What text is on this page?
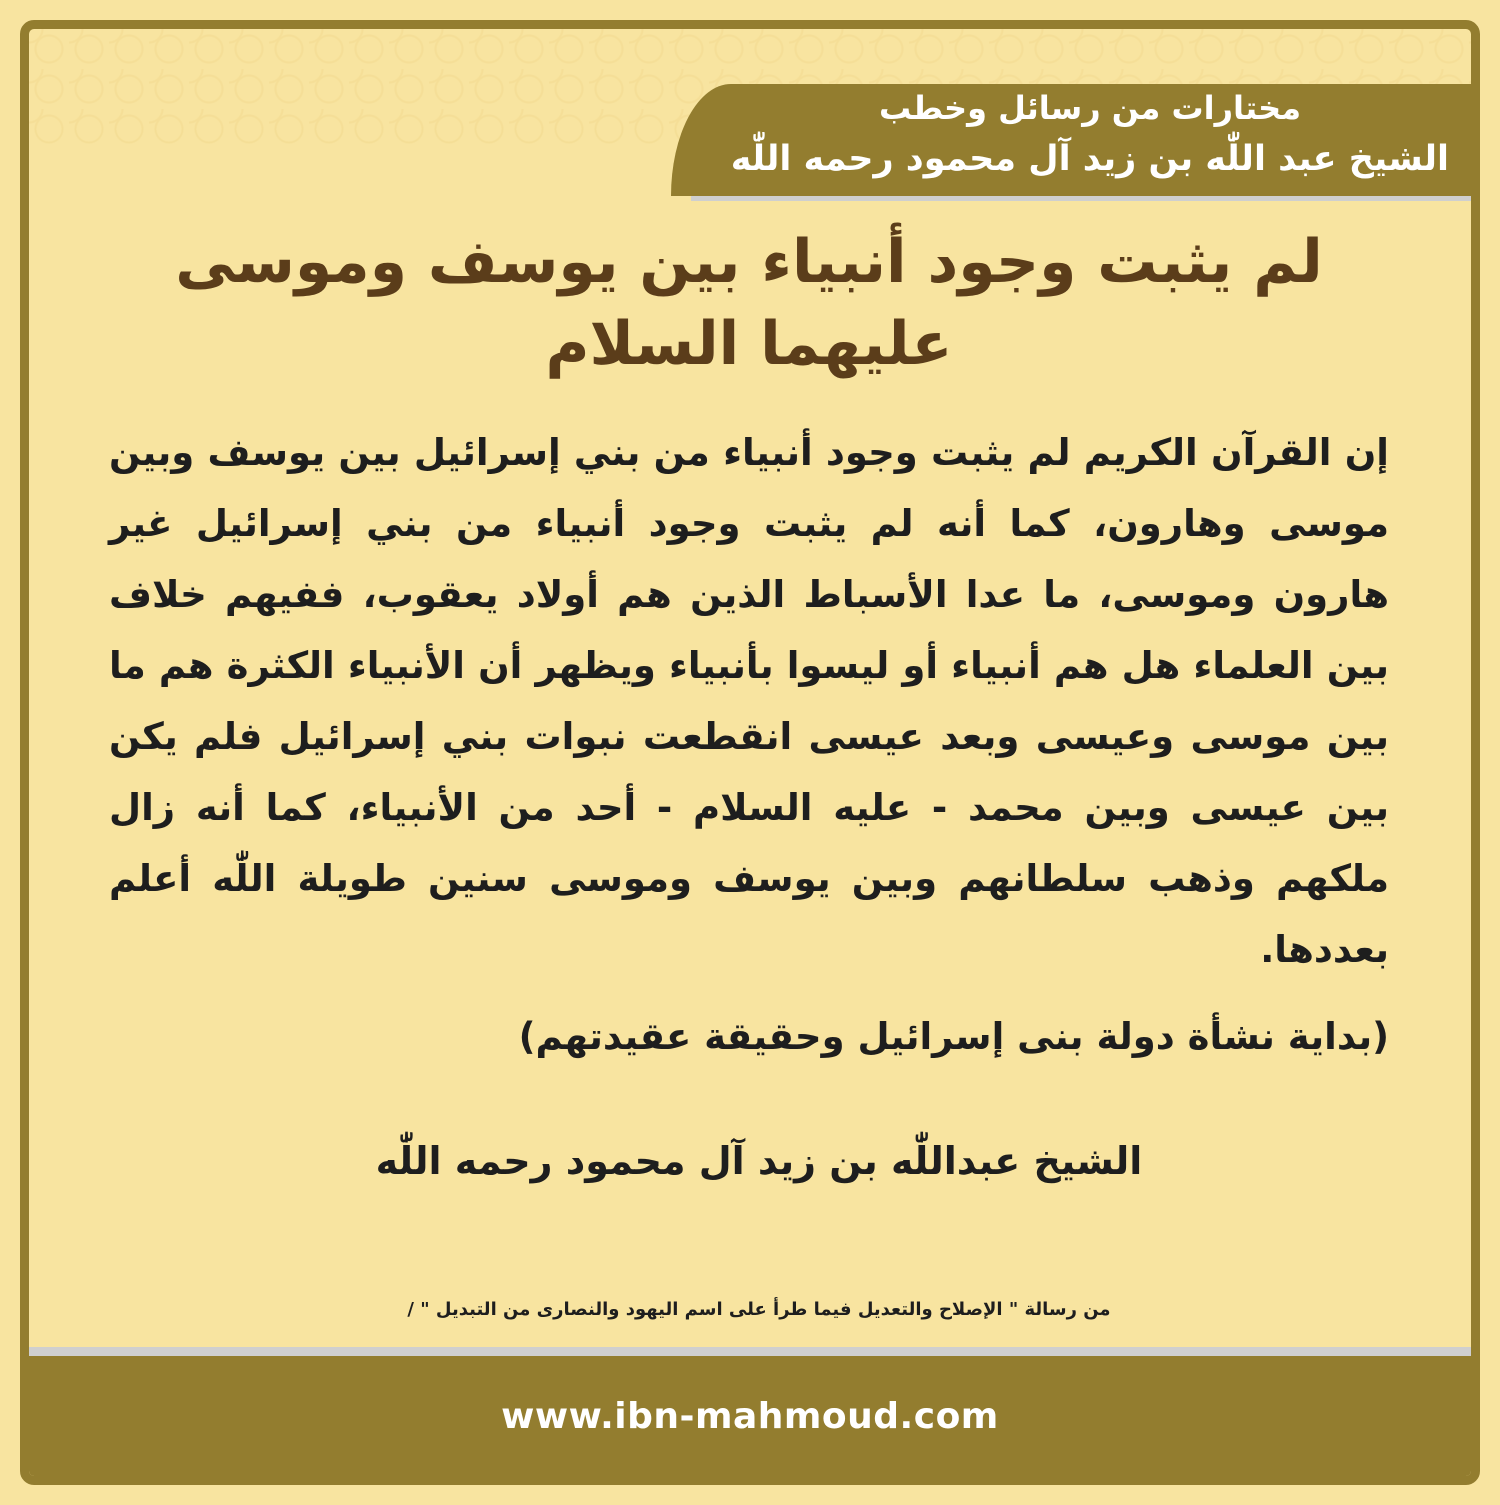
مختارات من رسائل وخطب
الشيخ عبد اللّٰه بن زيد آل محمود رحمه اللّٰه
لم يثبت وجود أنبياء بين يوسف وموسى عليهما السلام
إن القرآن الكريم لم يثبت وجود أنبياء من بني إسرائيل بين يوسف وبين موسى وهارون، كما أنه لم يثبت وجود أنبياء من بني إسرائيل غير هارون وموسى، ما عدا الأسباط الذين هم أولاد يعقوب، ففيهم خلاف بين العلماء هل هم أنبياء أو ليسوا بأنبياء ويظهر أن الأنبياء الكثرة هم ما بين موسى وعيسى وبعد عيسى انقطعت نبوات بني إسرائيل فلم يكن بين عيسى وبين محمد - عليه السلام - أحد من الأنبياء، كما أنه زال ملكهم وذهب سلطانهم وبين يوسف وموسى سنين طويلة اللّٰه أعلم بعددها.
(بداية نشأة دولة بنى إسرائيل وحقيقة عقيدتهم)
الشيخ عبداللّٰه بن زيد آل محمود رحمه اللّٰه
من رسالة " الإصلاح والتعديل فيما طرأ على اسم اليهود والنصارى من التبديل " /
www.ibn-mahmoud.com
